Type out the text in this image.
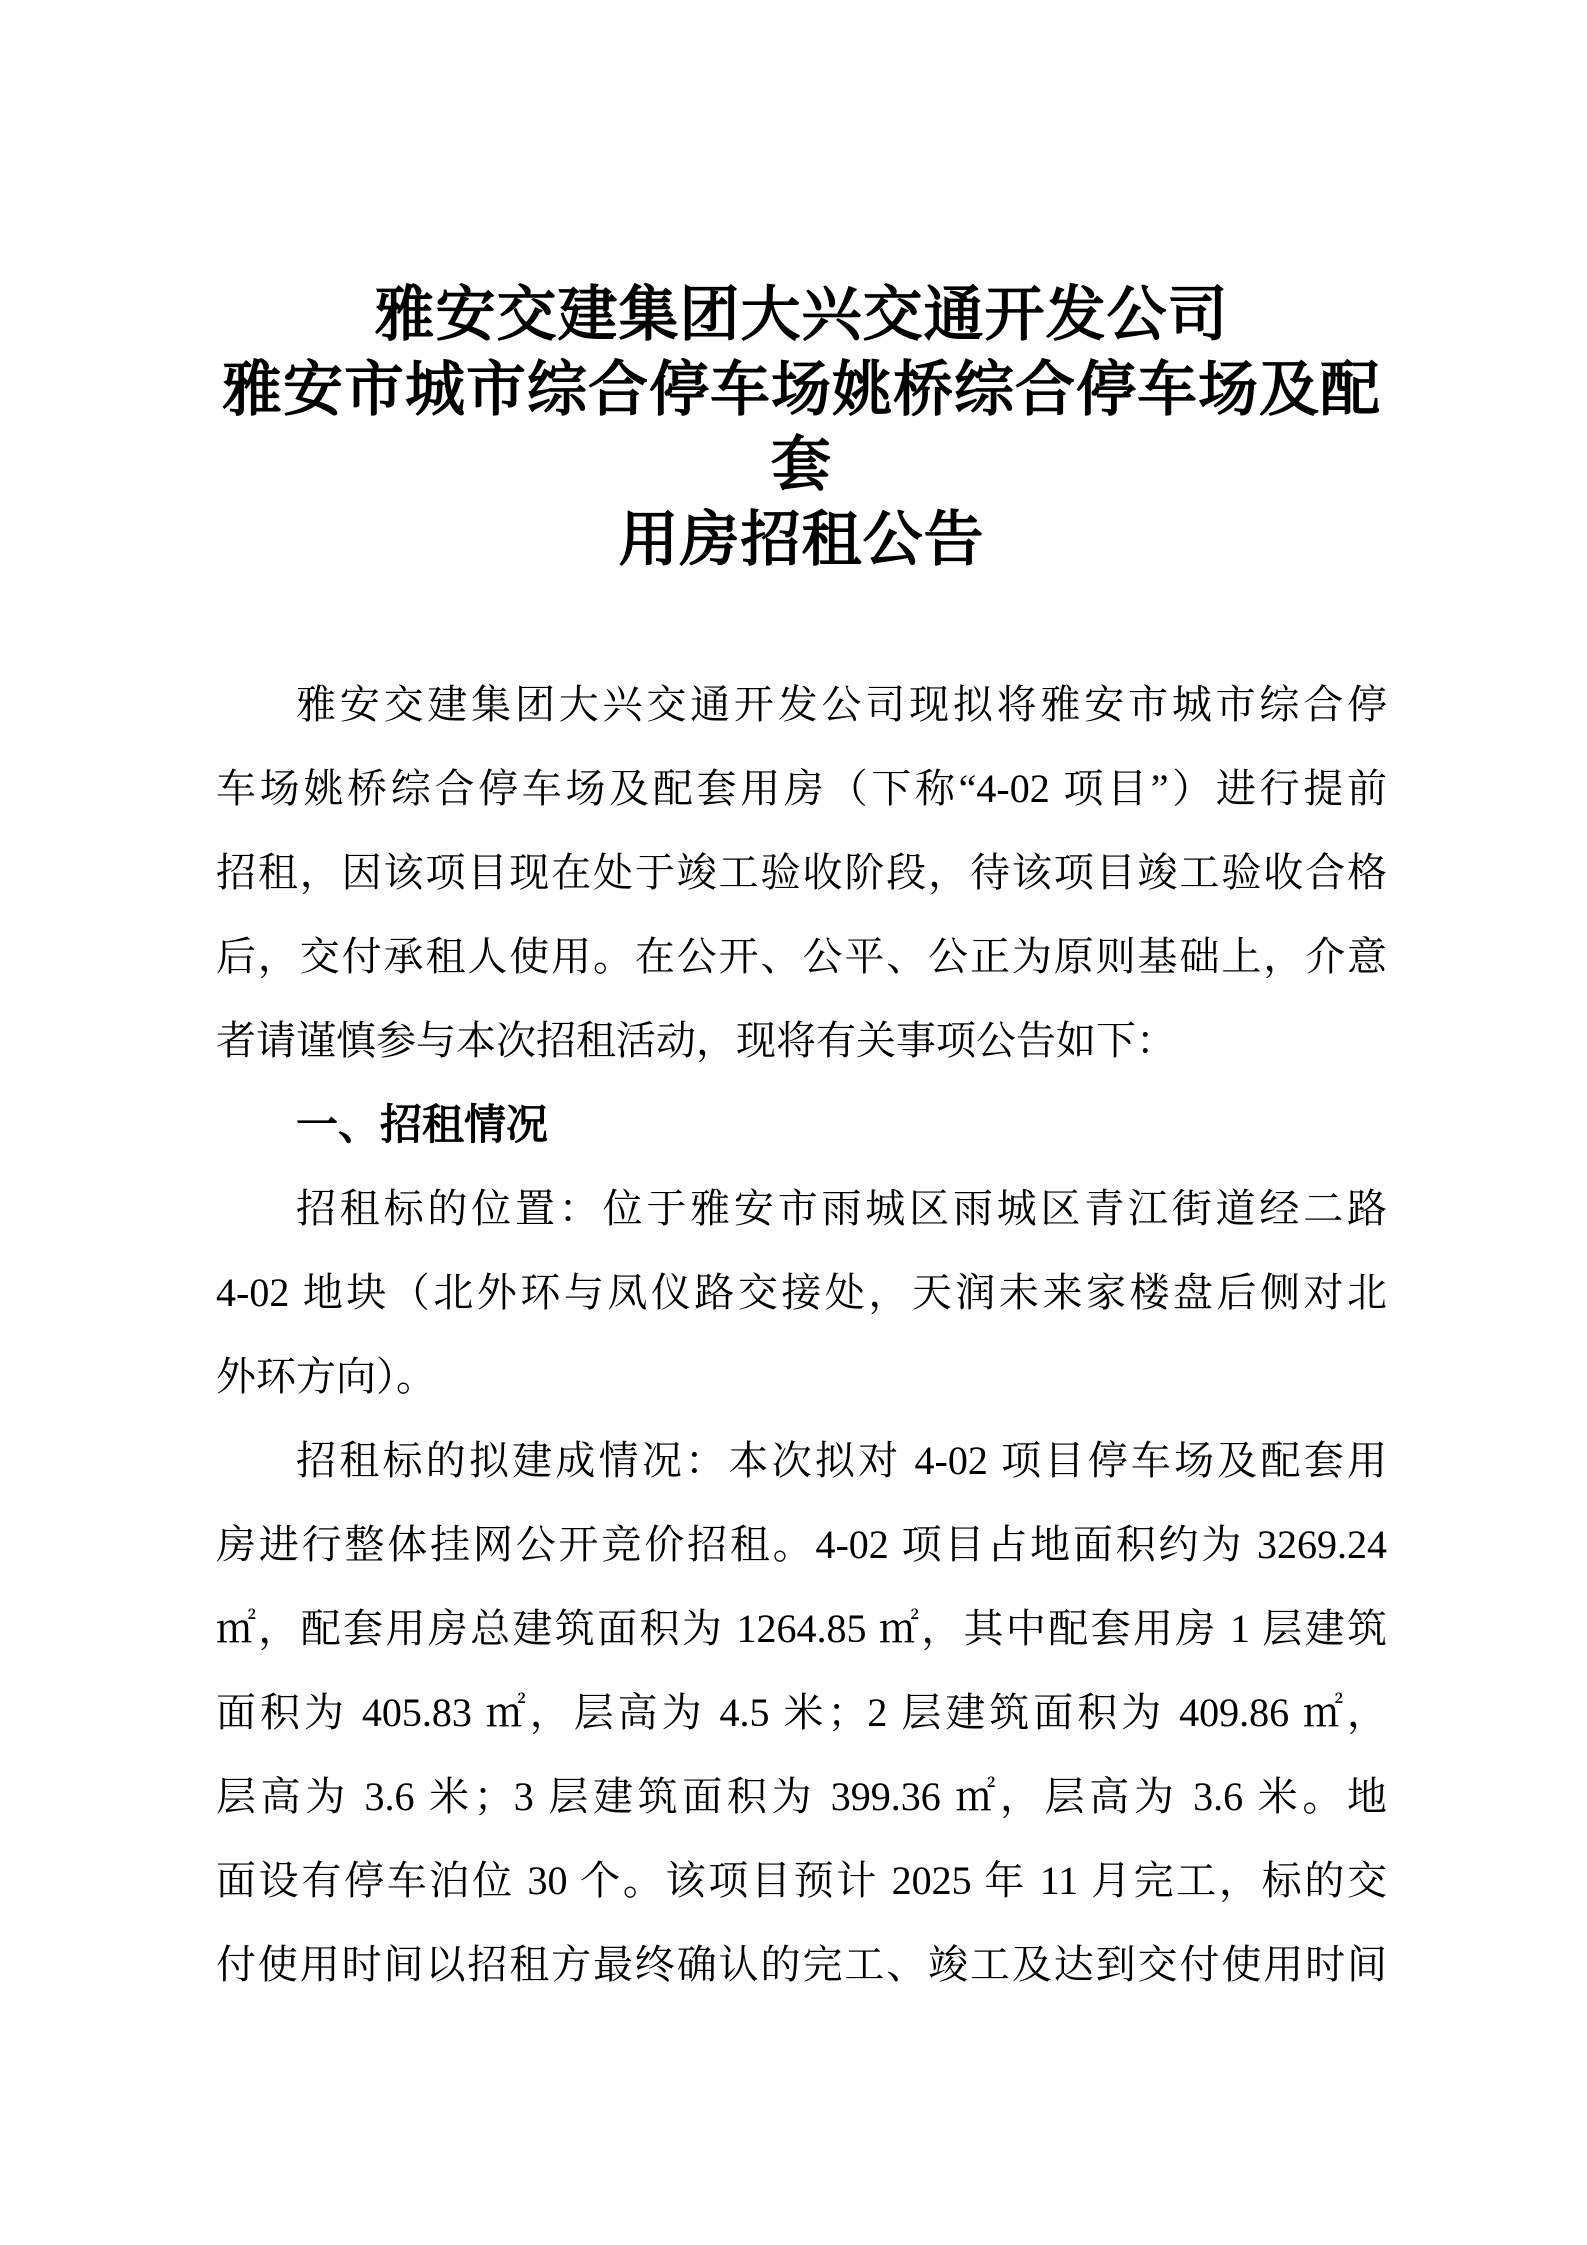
雅安交建集团大兴交通开发公司
雅安市城市综合停车场姚桥综合停车场及配套
用房招租公告
雅安交建集团大兴交通开发公司现拟将雅安市城市综合停
车场姚桥综合停车场及配套用房（下称“4-02 项目”）进行提前
招租，因该项目现在处于竣工验收阶段，待该项目竣工验收合格
后，交付承租人使用。在公开、公平、公正为原则基础上，介意
者请谨慎参与本次招租活动，现将有关事项公告如下：
一、招租情况
招租标的位置：位于雅安市雨城区雨城区青江街道经二路
4-02 地块（北外环与凤仪路交接处，天润未来家楼盘后侧对北
外环方向）。
招租标的拟建成情况：本次拟对 4-02 项目停车场及配套用
房进行整体挂网公开竞价招租。4-02 项目占地面积约为 3269.24
㎡，配套用房总建筑面积为 1264.85 ㎡，其中配套用房 1 层建筑
面积为 405.83 ㎡，层高为 4.5 米；2 层建筑面积为 409.86 ㎡，
层高为 3.6 米；3 层建筑面积为 399.36 ㎡，层高为 3.6 米。地
面设有停车泊位 30 个。该项目预计 2025 年 11 月完工，标的交
付使用时间以招租方最终确认的完工、竣工及达到交付使用时间
